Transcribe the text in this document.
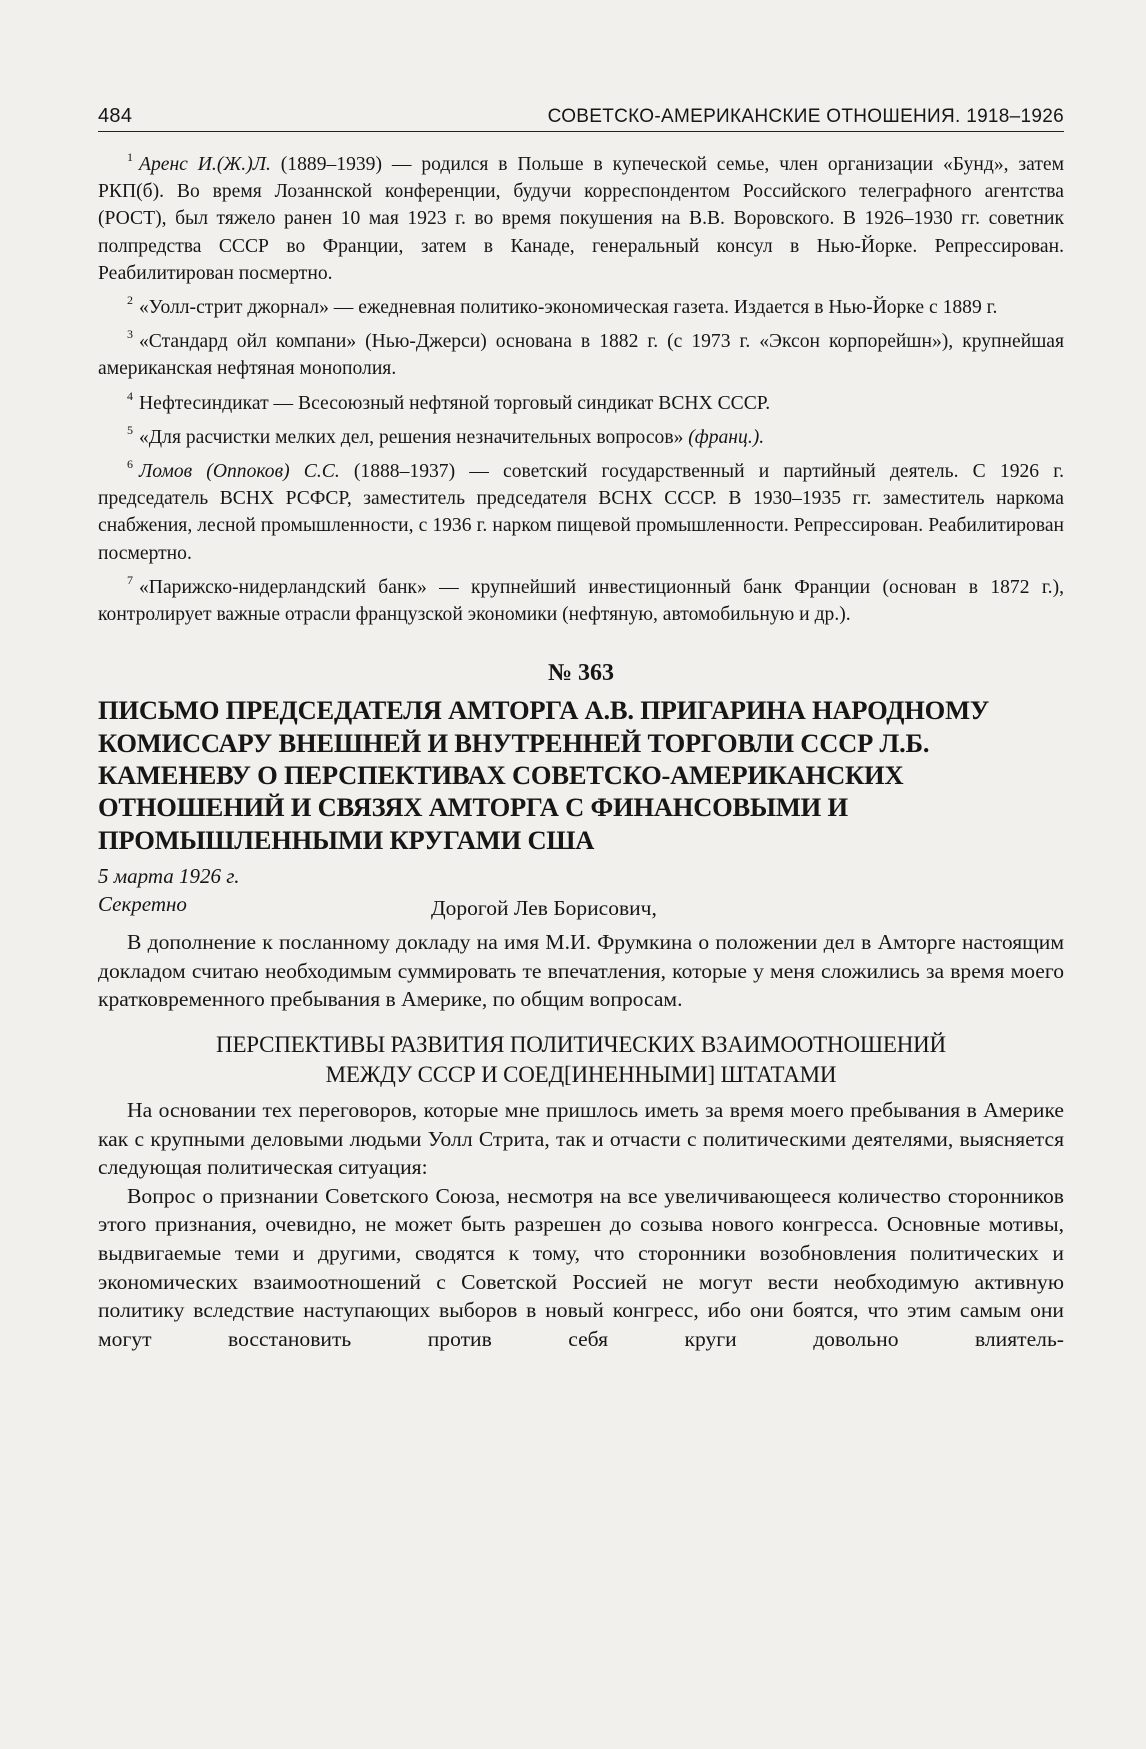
484	СОВЕТСКО-АМЕРИКАНСКИЕ ОТНОШЕНИЯ. 1918–1926

$^1$ Аренс И.(Ж.)Л. (1889–1939) — родился в Польше в купеческой семье, член организации «Бунд», затем РКП(б). Во время Лозаннской конференции, будучи корреспондентом Российского телеграфного агентства (РОСТ), был тяжело ранен 10 мая 1923 г. во время покушения на В.В. Воровского. В 1926–1930 гг. советник полпредства СССР во Франции, затем в Канаде, генеральный консул в Нью-Йорке. Репрессирован. Реабилитирован посмертно.

$^2$ «Уолл-стрит джорнал» — ежедневная политико-экономическая газета. Издается в Нью-Йорке с 1889 г.

$^3$ «Стандард ойл компани» (Нью-Джерси) основана в 1882 г. (с 1973 г. «Эксон корпорейшн»), крупнейшая американская нефтяная монополия.

$^4$ Нефтесиндикат — Всесоюзный нефтяной торговый синдикат ВСНХ СССР.

$^5$ «Для расчистки мелких дел, решения незначительных вопросов» (франц.).

$^6$ Ломов (Оппоков) С.С. (1888–1937) — советский государственный и партийный деятель. С 1926 г. председатель ВСНХ РСФСР, заместитель председателя ВСНХ СССР. В 1930–1935 гг. заместитель наркома снабжения, лесной промышленности, с 1936 г. нарком пищевой промышленности. Репрессирован. Реабилитирован посмертно.

$^7$ «Парижско-нидерландский банк» — крупнейший инвестиционный банк Франции (основан в 1872 г.), контролирует важные отрасли французской экономики (нефтяную, автомобильную и др.).

№ 363
ПИСЬМО ПРЕДСЕДАТЕЛЯ АМТОРГА А.В. ПРИГАРИНА НАРОДНОМУ КОМИССАРУ ВНЕШНЕЙ И ВНУТРЕННЕЙ ТОРГОВЛИ СССР Л.Б. КАМЕНЕВУ О ПЕРСПЕКТИВАХ СОВЕТСКО-АМЕРИКАНСКИХ ОТНОШЕНИЙ И СВЯЗЯХ АМТОРГА С ФИНАНСОВЫМИ И ПРОМЫШЛЕННЫМИ КРУГАМИ США
5 марта 1926 г.
Секретно	Дорогой Лев Борисович,

В дополнение к посланному докладу на имя М.И. Фрумкина о положении дел в Амторге настоящим докладом считаю необходимым суммировать те впечатления, которые у меня сложились за время моего кратковременного пребывания в Америке, по общим вопросам.

ПЕРСПЕКТИВЫ РАЗВИТИЯ ПОЛИТИЧЕСКИХ ВЗАИМООТНОШЕНИЙ
МЕЖДУ СССР И СОЕД[ИНЕННЫМИ] ШТАТАМИ

На основании тех переговоров, которые мне пришлось иметь за время моего пребывания в Америке как с крупными деловыми людьми Уолл Стрита, так и отчасти с политическими деятелями, выясняется следующая политическая ситуация:

Вопрос о признании Советского Союза, несмотря на все увеличивающееся количество сторонников этого признания, очевидно, не может быть разрешен до созыва нового конгресса. Основные мотивы, выдвигаемые теми и другими, сводятся к тому, что сторонники возобновления политических и экономических взаимоотношений с Советской Россией не могут вести необходимую активную политику вследствие наступающих выборов в новый конгресс, ибо они боятся, что этим самым они могут восстановить против себя круги довольно влиятель-
